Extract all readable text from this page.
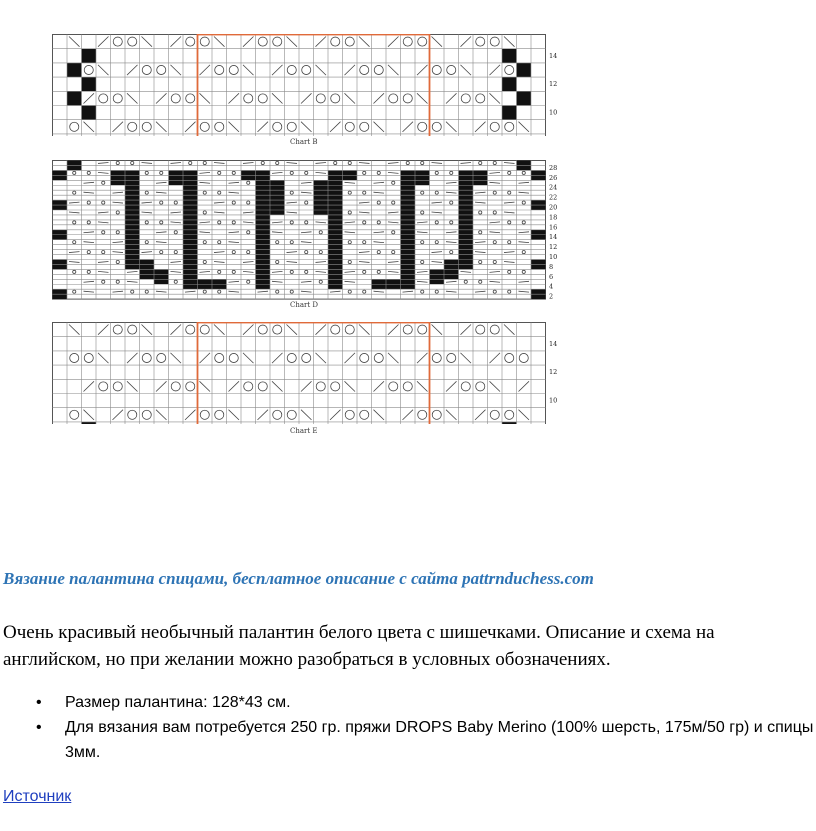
14
12
10
Chart B
28
26
24
22
20
18
16
14
12
10
8
6
4
2
Chart D
14
12
10
Chart E
Вязание палантина спицами, бесплатное описание с сайта pattrnduchess.com
Очень красивый необычный палантин белого цвета с шишечками. Описание и схема на английском, но при желании можно разобраться в условных обозначениях.
• Размер палантина: 128*43 см.
• Для вязания вам потребуется 250 гр. пряжи DROPS Baby Merino (100% шерсть, 175м/50 гр) и спицы 3мм.
Источник
